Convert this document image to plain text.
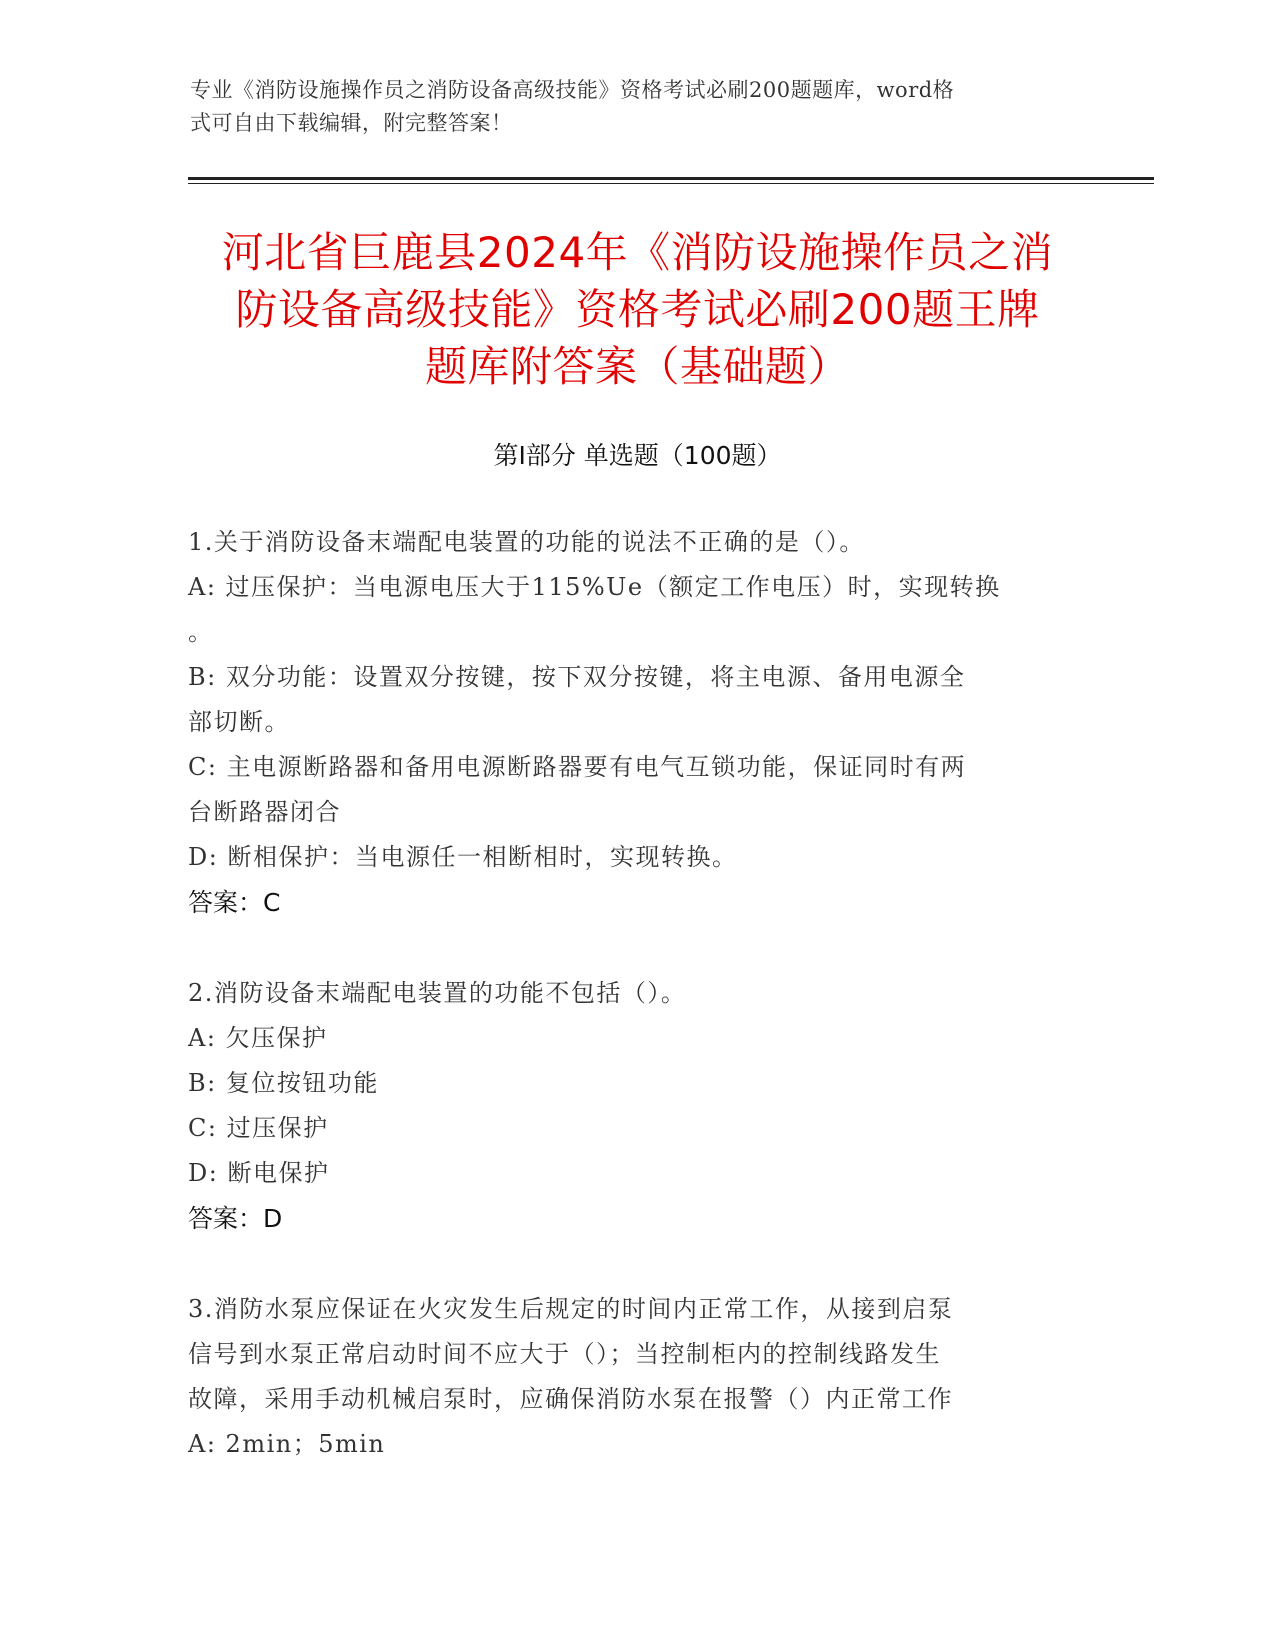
专业《消防设施操作员之消防设备高级技能》资格考试必刷200题题库，word格
式可自由下载编辑，附完整答案！
河北省巨鹿县2024年《消防设施操作员之消
防设备高级技能》资格考试必刷200题王牌
题库附答案（基础题）
第Ⅰ部分 单选题（100题）

1.关于消防设备末端配电装置的功能的说法不正确的是（）。

A: 过压保护：当电源电压大于115%Ue（额定工作电压）时，实现转换

。

B: 双分功能：设置双分按键，按下双分按键，将主电源、备用电源全

部切断。

C: 主电源断路器和备用电源断路器要有电气互锁功能，保证同时有两

台断路器闭合

D: 断相保护：当电源任一相断相时，实现转换。

答案：C

2.消防设备末端配电装置的功能不包括（）。

A: 欠压保护

B: 复位按钮功能

C: 过压保护

D: 断电保护

答案：D

3.消防水泵应保证在火灾发生后规定的时间内正常工作，从接到启泵

信号到水泵正常启动时间不应大于（）；当控制柜内的控制线路发生

故障，采用手动机械启泵时，应确保消防水泵在报警（）内正常工作

A: 2min；5min
